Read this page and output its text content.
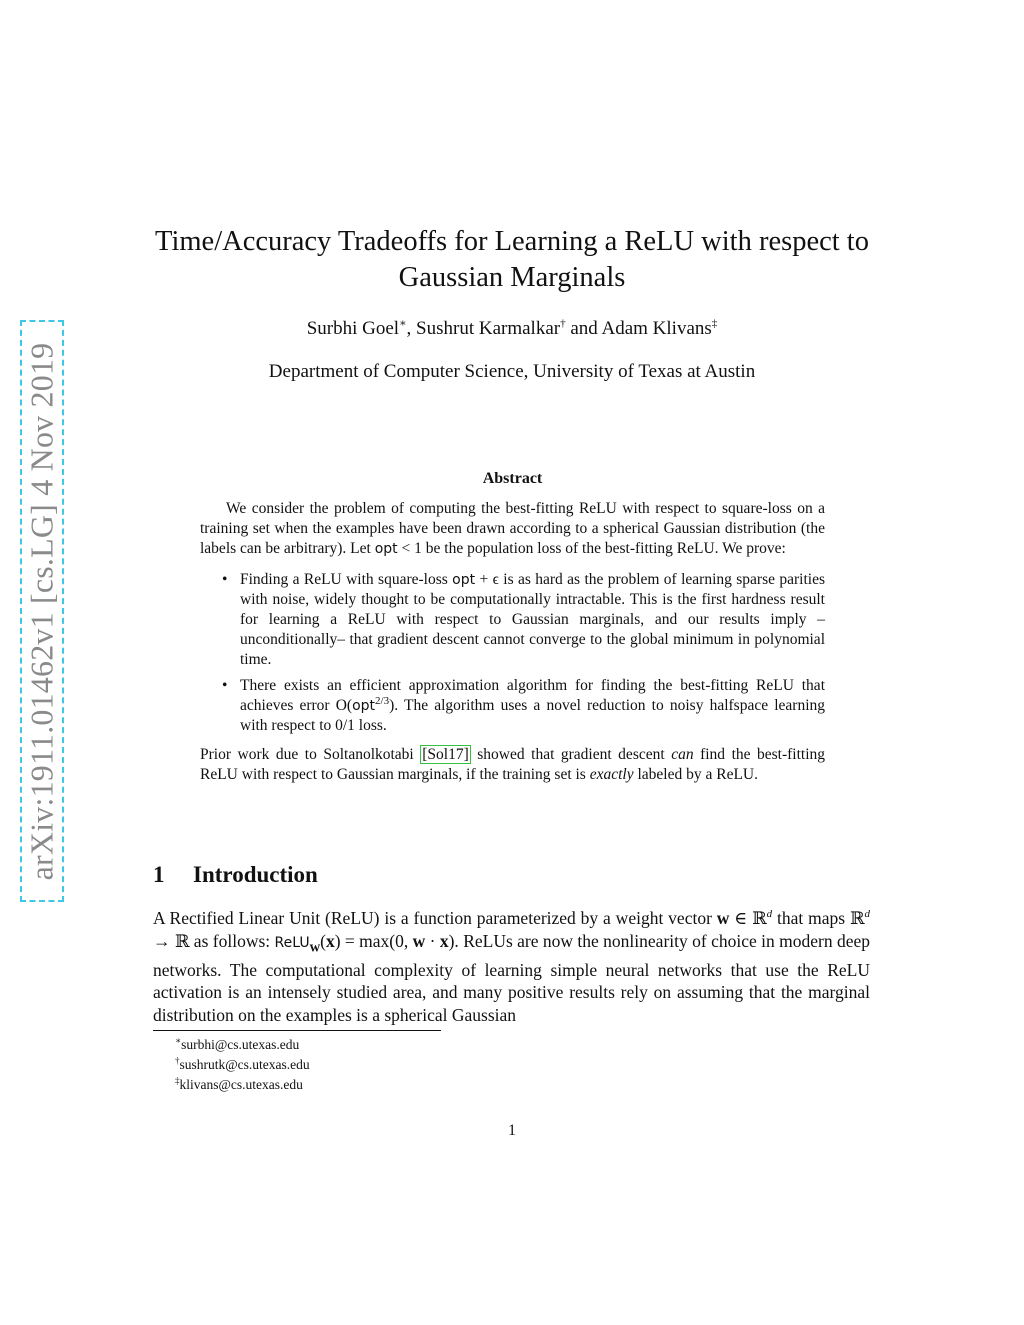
arXiv:1911.01462v1 [cs.LG] 4 Nov 2019
Time/Accuracy Tradeoffs for Learning a ReLU with respect to Gaussian Marginals
Surbhi Goel∗, Sushrut Karmalkar† and Adam Klivans‡
Department of Computer Science, University of Texas at Austin
Abstract

We consider the problem of computing the best-fitting ReLU with respect to square-loss on a training set when the examples have been drawn according to a spherical Gaussian distribution (the labels can be arbitrary). Let opt < 1 be the population loss of the best-fitting ReLU. We prove:

• Finding a ReLU with square-loss opt + ϵ is as hard as the problem of learning sparse parities with noise, widely thought to be computationally intractable. This is the first hardness result for learning a ReLU with respect to Gaussian marginals, and our results imply –unconditionally– that gradient descent cannot converge to the global minimum in polynomial time.
• There exists an efficient approximation algorithm for finding the best-fitting ReLU that achieves error O(opt$^{2/3}$). The algorithm uses a novel reduction to noisy halfspace learning with respect to 0/1 loss.

Prior work due to Soltanolkotabi [Sol17] showed that gradient descent can find the best-fitting ReLU with respect to Gaussian marginals, if the training set is exactly labeled by a ReLU.

1 Introduction

A Rectified Linear Unit (ReLU) is a function parameterized by a weight vector w ∈ ℝ$^d$ that maps ℝ$^d$ → ℝ as follows: ReLU$_w$(x) = max(0, w · x). ReLUs are now the nonlinearity of choice in modern deep networks. The computational complexity of learning simple neural networks that use the ReLU activation is an intensely studied area, and many positive results rely on assuming that the marginal distribution on the examples is a spherical Gaussian

∗surbhi@cs.utexas.edu
†sushrutk@cs.utexas.edu
‡klivans@cs.utexas.edu
1
